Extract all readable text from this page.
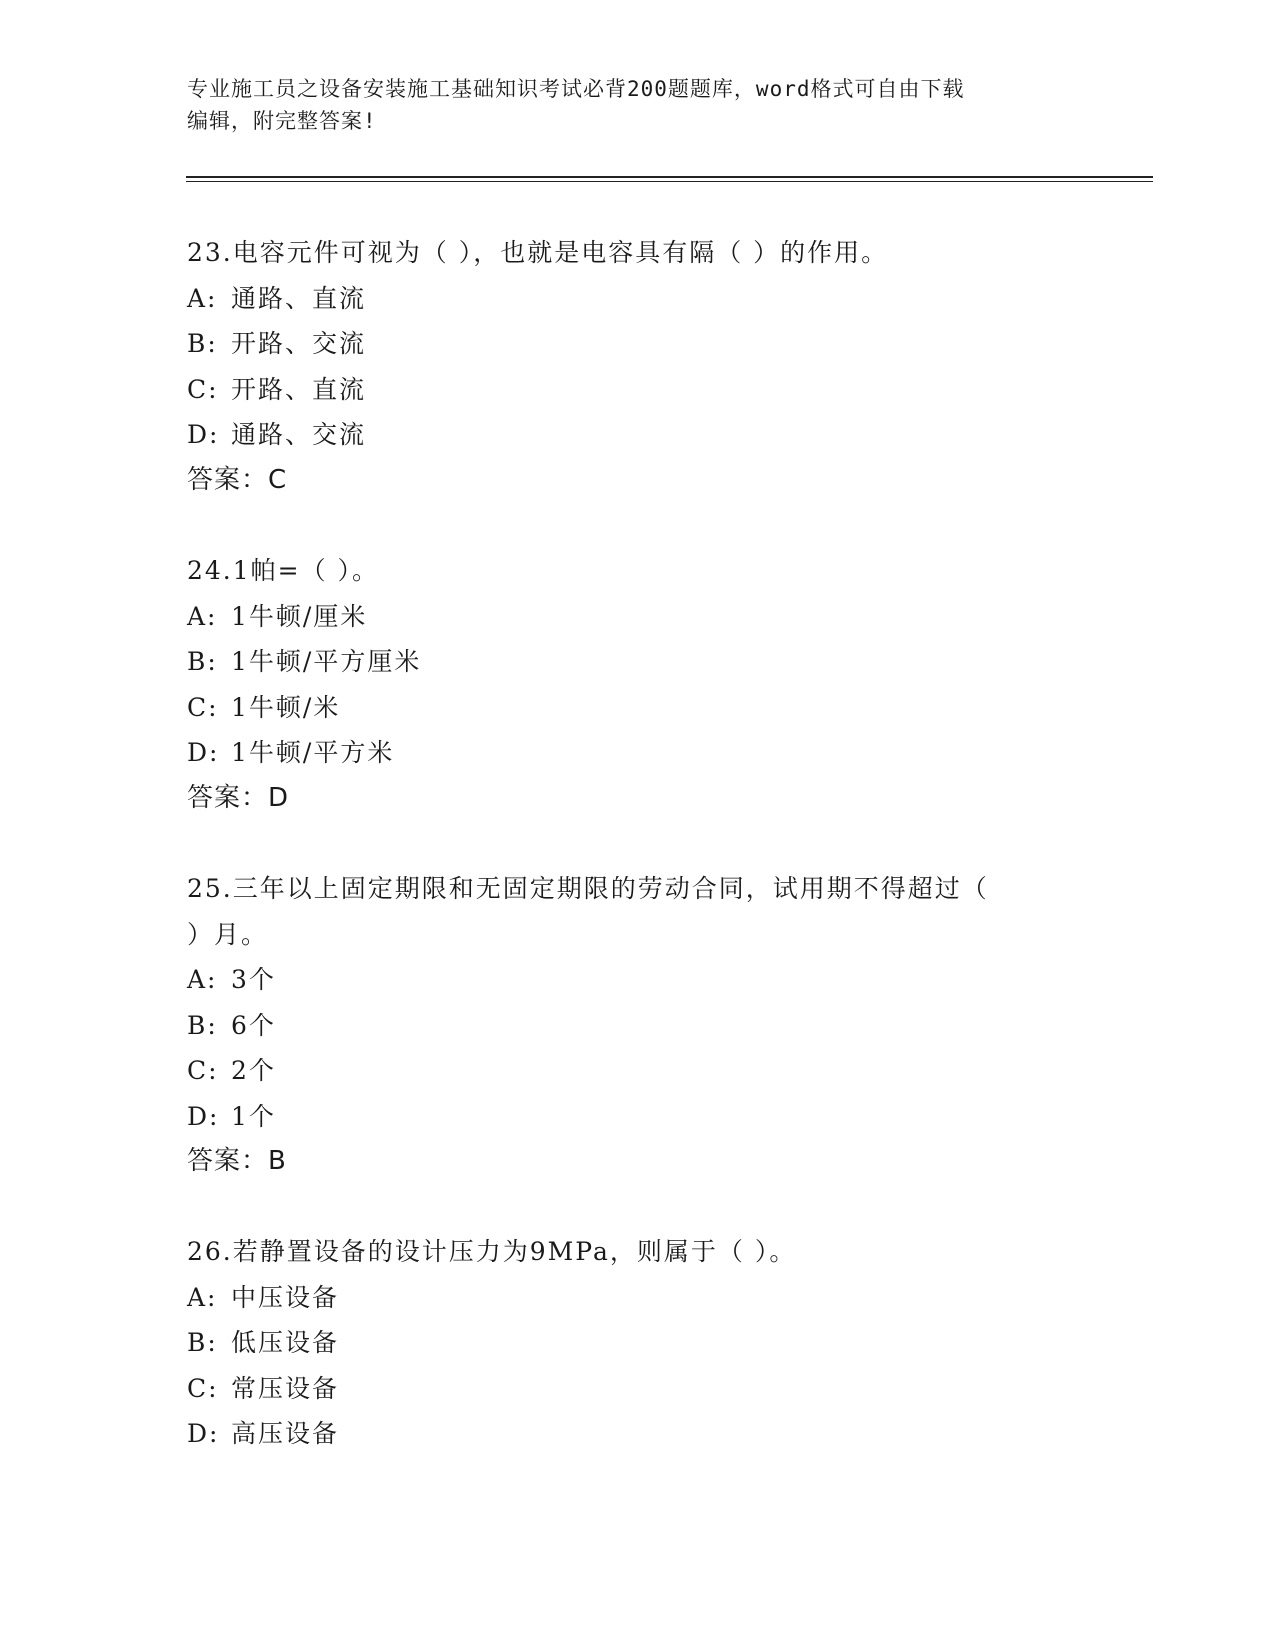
专业施工员之设备安装施工基础知识考试必背200题题库，word格式可自由下载
编辑，附完整答案!
23.电容元件可视为（ ），也就是电容具有隔（ ）的作用。
A: 通路、直流
B: 开路、交流
C: 开路、直流
D: 通路、交流
答案：C
24.1帕=（ ）。
A: 1牛顿/厘米
B: 1牛顿/平方厘米
C: 1牛顿/米
D: 1牛顿/平方米
答案：D
25.三年以上固定期限和无固定期限的劳动合同，试用期不得超过（
）月。
A: 3个
B: 6个
C: 2个
D: 1个
答案：B
26.若静置设备的设计压力为9MPa，则属于（ ）。
A: 中压设备
B: 低压设备
C: 常压设备
D: 高压设备
